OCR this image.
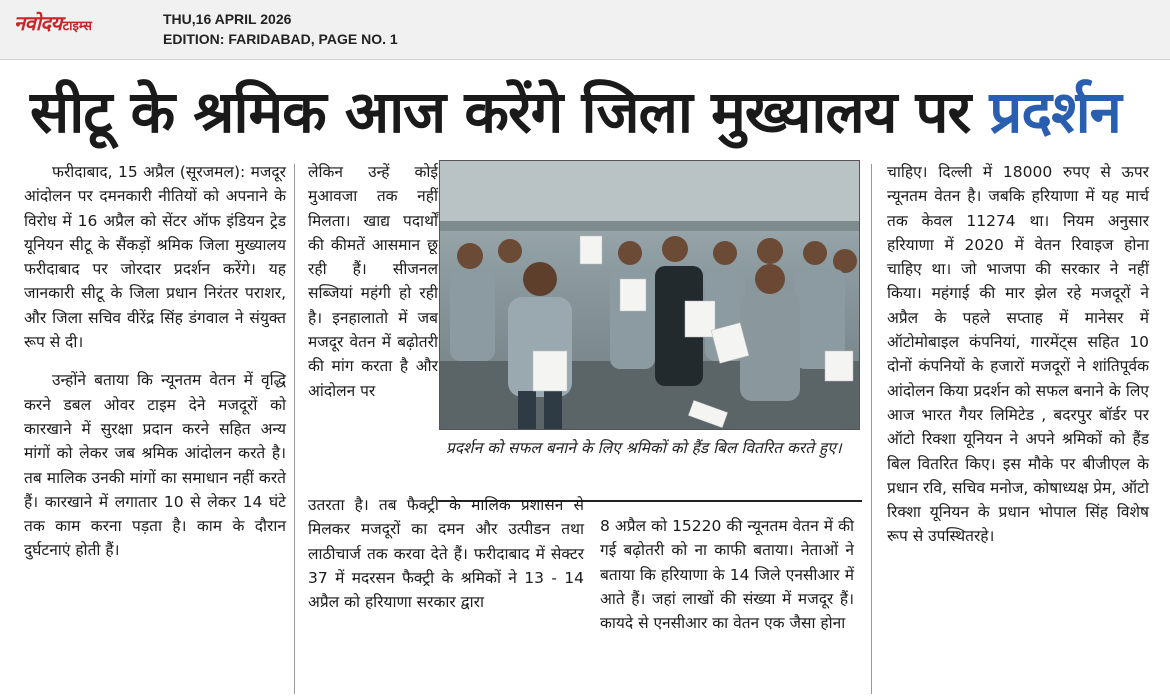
नवोदय टाइम्स	THU,16 APRIL 2026
EDITION: FARIDABAD, PAGE NO. 1
सीटू के श्रमिक आज करेंगे जिला मुख्यालय पर प्रदर्शन

फरीदाबाद, 15 अप्रैल (सूरजमल): मजदूर आंदोलन पर दमनकारी नीतियों को अपनाने के विरोध में 16 अप्रैल को सेंटर ऑफ इंडियन ट्रेड यूनियन सीटू के सैंकड़ों श्रमिक जिला मुख्यालय फरीदाबाद पर जोरदार प्रदर्शन करेंगे। यह जानकारी सीटू के जिला प्रधान निरंतर पराशर, और जिला सचिव वीरेंद्र सिंह डंगवाल ने संयुक्त रूप से दी।

उन्होंने बताया कि न्यूनतम वेतन में वृद्धि करने डबल ओवर टाइम देने मजदूरों को कारखाने में सुरक्षा प्रदान करने सहित अन्य मांगों को लेकर जब श्रमिक आंदोलन करते है। तब मालिक उनकी मांगों का समाधान नहीं करते हैं। कारखाने में लगातार 10 से लेकर 14 घंटे तक काम करना पड़ता है। काम के दौरान दुर्घटनाएं होती हैं।

लेकिन उन्हें कोई मुआवजा तक नहीं मिलता। खाद्य पदार्थों की कीमतें आसमान छू रही हैं। सीजनल सब्जियां महंगी हो रही है। इनहालातो में जब मजदूर वेतन में बढ़ोतरी की मांग करता है और आंदोलन पर

प्रदर्शन को सफल बनाने के लिए श्रमिकों को हैंड बिल वितरित करते हुए।

उतरता है। तब फैक्ट्री के मालिक प्रशासन से मिलकर मजदूरों का दमन और उत्पीडन तथा लाठीचार्ज तक करवा देते हैं। फरीदाबाद में सेक्टर 37 में मदरसन फैक्ट्री के श्रमिकों ने 13 - 14 अप्रैल को हरियाणा सरकार द्वारा

8 अप्रैल को 15220 की न्यूनतम वेतन में की गई बढ़ोतरी को ना काफी बताया। नेताओं ने बताया कि हरियाणा के 14 जिले एनसीआर में आते हैं। जहां लाखों की संख्या में मजदूर हैं। कायदे से एनसीआर का वेतन एक जैसा होना

चाहिए। दिल्ली में 18000 रुपए से ऊपर न्यूनतम वेतन है। जबकि हरियाणा में यह मार्च तक केवल 11274 था। नियम अनुसार हरियाणा में 2020 में वेतन रिवाइज होना चाहिए था। जो भाजपा की सरकार ने नहीं किया। महंगाई की मार झेल रहे मजदूरों ने अप्रैल के पहले सप्ताह में मानेसर में ऑटोमोबाइल कंपनियां, गारमेंट्स सहित 10 दोनों कंपनियों के हजारों मजदूरों ने शांतिपूर्वक आंदोलन किया प्रदर्शन को सफल बनाने के लिए आज भारत गैयर लिमिटेड , बदरपुर बॉर्डर पर ऑटो रिक्शा यूनियन ने अपने श्रमिकों को हैंड बिल वितरित किए। इस मौके पर बीजीएल के प्रधान रवि, सचिव मनोज, कोषाध्यक्ष प्रेम, ऑटो रिक्शा यूनियन के प्रधान भोपाल सिंह विशेष रूप से उपस्थितरहे।
